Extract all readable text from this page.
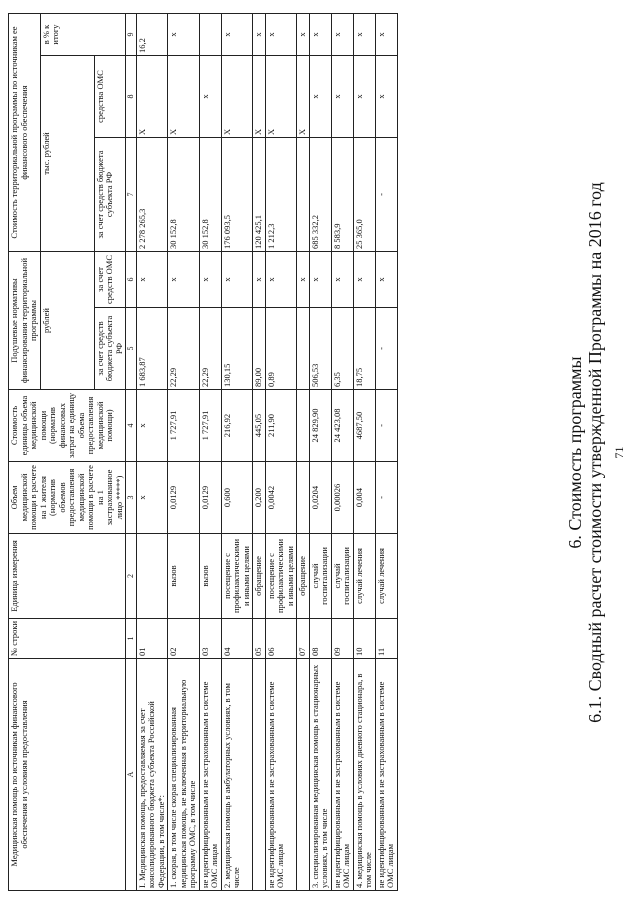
71
6. Стоимость программы 6.1. Сводный расчет стоимости утвержденной Программы на 2016 год
Медицинская помощь по источникам финансового обеспечения и условиям предоставления	№ строки	Единица измерения	Объем медицинской помощи в расчете на 1 жителя (норматив объемов предоставления медицинской помощи в расчете на 1 застрахованное лицо *****)	Стоимость единицы объема медицинской помощи (норматив финансовых затрат на единицу объема предоставления медицинской помощи)	Подушевые нормативы финансирования территориальной программы		Стоимость территориальной программы по источникам ее финансового обеспечения		
					рублей		тыс. рублей		в % к итогу
					за счет средств бюджета субъекта РФ	за счет средств ОМС	за счет средств бюджета субъекта РФ	средства ОМС	
А	1	2	3	4	5	6	7	8	9
I. Медицинская помощь, предоставляемая за счет консолидированного бюджета субъекта Российской Федерации, в том числе*:	01		х	х	1 683,87	х	2 278 265,3	Х	16,2
1. скорая, в том числе скорая специализированная медицинская помощь, не включенная в территориальную программу ОМС, в том числе	02	вызов	0,0129	1 727,91	22,29	х	30 152,8	Х	х
не идентифицированным и не застрахованным в системе ОМС лицам	03	вызов	0,0129	1 727,91	22,29	х	30 152,8	х	
2. медицинская помощь в амбулаторных условиях, в том числе	04	посещение с профилактическими и иными целями	0,600	216,92	130,15	х	176 093,5	Х	х
	05	обращение	0,200	445,05	89,00	х	120 425,1	Х	х
не идентифицированным и не застрахованным в системе ОМС лицам	06	посещение с профилактическими и иными целями	0,0042	211,90	0,89	х	1 212,3	Х	х
	07	обращение				х		Х	х
3. специализированная медицинская помощь в стационарных условиях, в том числе	08	случай госпитализации	0,0204	24 829,90	506,53	х	685 332,2	х	х
не идентифицированным и не застрахованным в системе ОМС лицам	09	случай госпитализации	0,00026	24 423,08	6,35	х	8 583,9	х	х
4. медицинская помощь в условиях дневного стационара, в том числе	10	случай лечения	0,004	4687,50	18,75	х	25 365,0	х	х
не идентифицированным и не застрахованным в системе ОМС лицам	11	случай лечения	-	-	-	х	-	х	х
